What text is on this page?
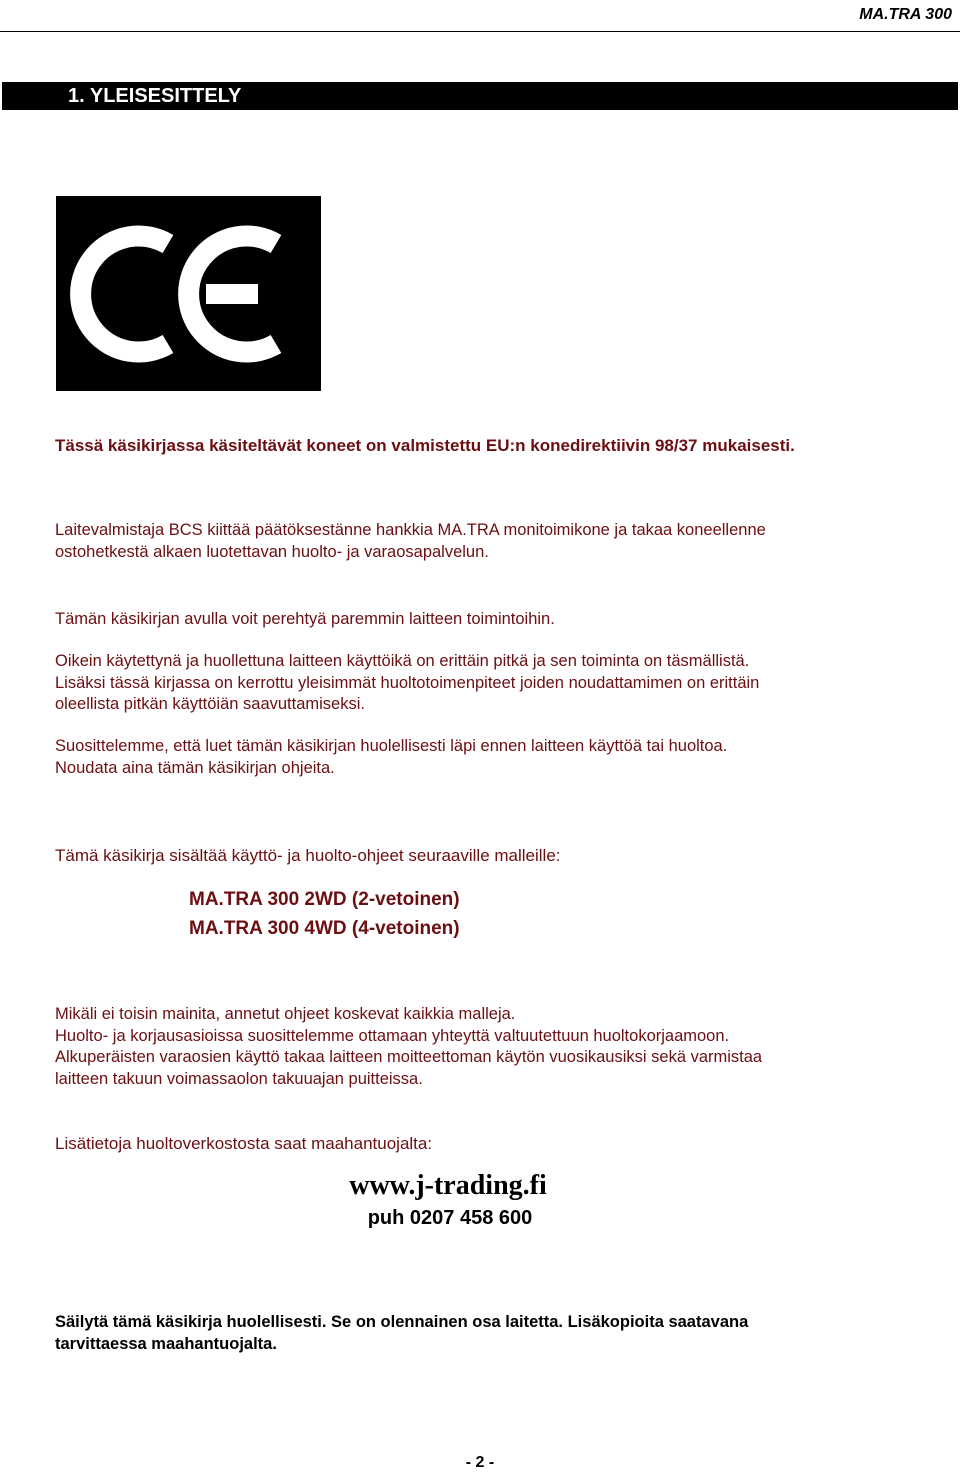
MA.TRA 300
1. YLEISESITTELY
Tässä käsikirjassa käsiteltävät koneet on valmistettu EU:n konedirektiivin 98/37 mukaisesti.
Laitevalmistaja BCS kiittää päätöksestänne hankkia MA.TRA monitoimikone ja takaa koneellenne
ostohetkestä alkaen luotettavan huolto- ja varaosapalvelun.
Tämän käsikirjan avulla voit perehtyä paremmin laitteen toimintoihin.
Oikein käytettynä ja huollettuna laitteen käyttöikä on erittäin pitkä ja sen toiminta on täsmällistä.
Lisäksi tässä kirjassa on kerrottu yleisimmät huoltotoimenpiteet joiden noudattamimen on erittäin
oleellista pitkän käyttöiän saavuttamiseksi.
Suosittelemme, että luet tämän käsikirjan huolellisesti läpi ennen laitteen käyttöä tai huoltoa.
Noudata aina tämän käsikirjan ohjeita.
Tämä käsikirja sisältää käyttö- ja huolto-ohjeet seuraaville malleille:
MA.TRA 300 2WD (2-vetoinen)
MA.TRA 300 4WD (4-vetoinen)
Mikäli ei toisin mainita, annetut ohjeet koskevat kaikkia malleja.
Huolto- ja korjausasioissa suosittelemme ottamaan yhteyttä valtuutettuun huoltokorjaamoon.
Alkuperäisten varaosien käyttö takaa laitteen moitteettoman käytön vuosikausiksi sekä varmistaa
laitteen takuun voimassaolon takuuajan puitteissa.
Lisätietoja huoltoverkostosta saat maahantuojalta:
www.j-trading.fi
puh 0207 458 600
Säilytä tämä käsikirja huolellisesti. Se on olennainen osa laitetta. Lisäkopioita saatavana
tarvittaessa maahantuojalta.
- 2 -
